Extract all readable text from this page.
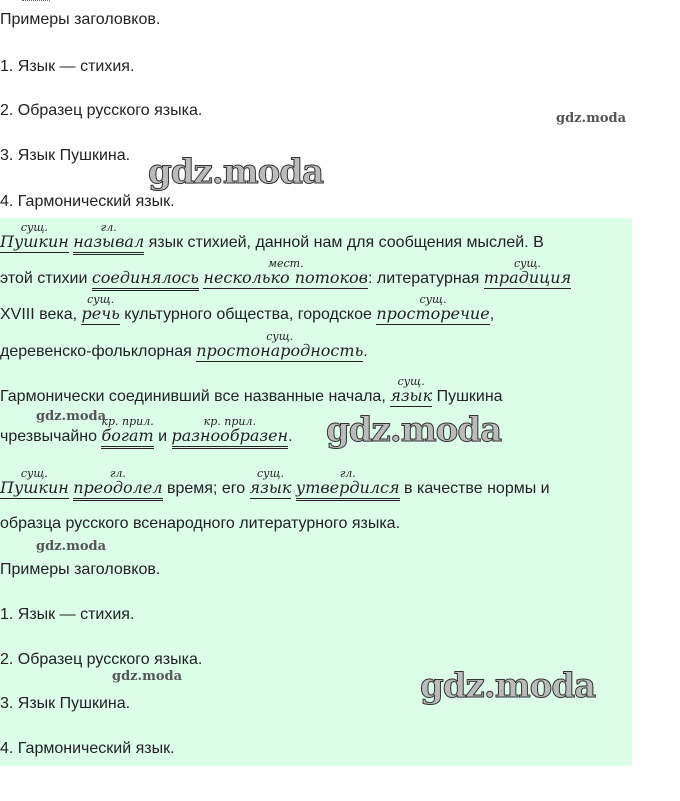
Примеры заголовков.
1. Язык — стихия.
2. Образец русского языка.
3. Язык Пушкина.
4. Гармонический язык.
gdz.moda
gdz.moda
сущ.
Пушкин
гл.
называл язык стихией, данной нам для сообщения мыслей. В
этой стихии соединялось
мест.
несколько потоков: литературная
сущ.
традиция
XVIII века,
сущ.
речь культурного общества, городское
сущ.
просторечие,
деревенско-фольклорная
сущ.
простонародность.
Гармонически соединивший все названные начала,
сущ.
язык Пушкина
чрезвычайно
кр. прил.
богат и
кр. прил.
разнообразен.
сущ.
Пушкин
гл.
преодолел время; его
сущ.
язык
гл.
утвердился в качестве нормы и
образца русского всенародного литературного языка.
Примеры заголовков.
1. Язык — стихия.
2. Образец русского языка.
3. Язык Пушкина.
4. Гармонический язык.
gdz.moda	gdz.moda
gdz.moda
gdz.moda	gdz.moda
